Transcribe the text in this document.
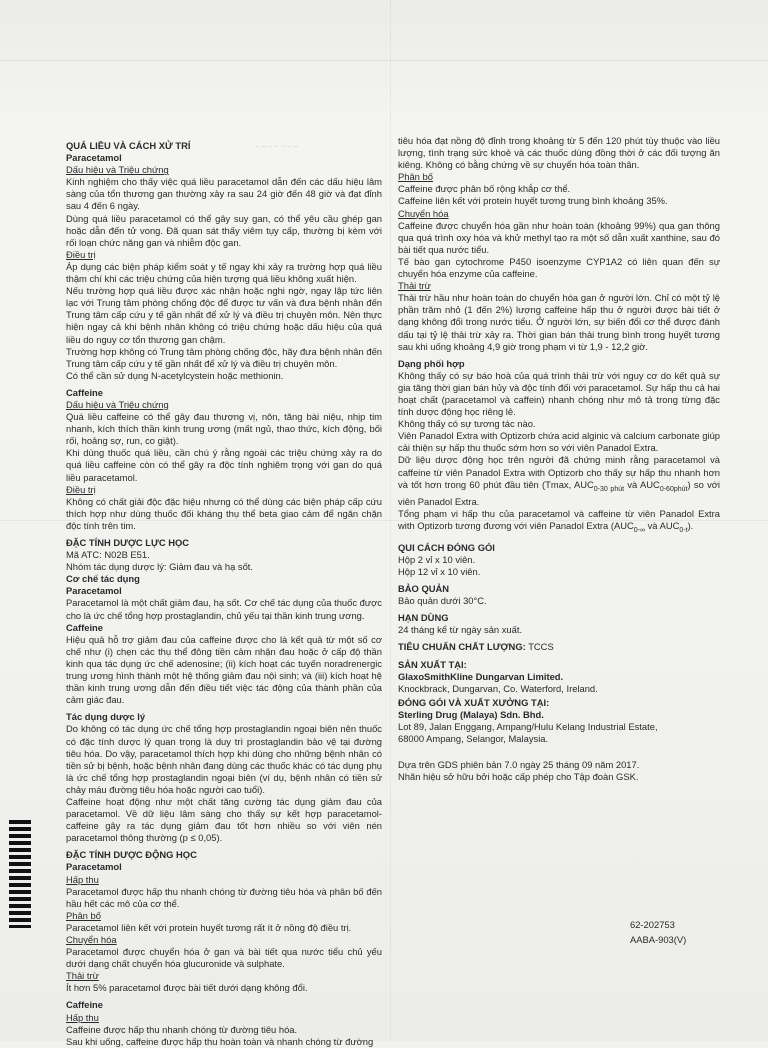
~ ~ ~ ~ ~ ~ ~
QUÁ LIỀU VÀ CÁCH XỬ TRÍ
Paracetamol
Dấu hiệu và Triệu chứng
Kinh nghiệm cho thấy việc quá liều paracetamol dẫn đến các dấu hiệu lâm sàng của tổn thương gan thường xảy ra sau 24 giờ đến 48 giờ và đạt đỉnh sau 4 đến 6 ngày.
Dùng quá liều paracetamol có thể gây suy gan, có thể yêu cầu ghép gan hoặc dẫn đến tử vong. Đã quan sát thấy viêm tụy cấp, thường bị kèm với rối loạn chức năng gan và nhiễm độc gan.
Điều trị
Áp dụng các biện pháp kiểm soát y tế ngay khi xảy ra trường hợp quá liều thậm chí khi các triệu chứng của hiện tượng quá liều không xuất hiện.
Nếu trường hợp quá liều được xác nhận hoặc nghi ngờ, ngay lập tức liên lạc với Trung tâm phòng chống độc để được tư vấn và đưa bệnh nhân đến Trung tâm cấp cứu y tế gần nhất để xử lý và điều trị chuyên môn. Nên thực hiện ngay cả khi bệnh nhân không có triệu chứng hoặc dấu hiệu của quá liều do nguy cơ tổn thương gan chậm.
Trường hợp không có Trung tâm phòng chống độc, hãy đưa bệnh nhân đến Trung tâm cấp cứu y tế gần nhất để xử lý và điều trị chuyên môn.
Có thể cần sử dụng N-acetylcystein hoặc methionin.
Caffeine
Dấu hiệu và Triệu chứng
Quá liều caffeine có thể gây đau thượng vị, nôn, tăng bài niệu, nhịp tim nhanh, kích thích thần kinh trung ương (mất ngủ, thao thức, kích động, bối rối, hoảng sợ, run, co giật).
Khi dùng thuốc quá liều, cần chú ý rằng ngoài các triệu chứng xảy ra do quá liều caffeine còn có thể gây ra độc tính nghiêm trọng với gan do quá liều paracetamol.
Điều trị
Không có chất giải độc đặc hiệu nhưng có thể dùng các biện pháp cấp cứu thích hợp như dùng thuốc đối kháng thụ thể beta giao cảm để ngăn chặn độc tính trên tim.
ĐẶC TÍNH DƯỢC LỰC HỌC
Mã ATC: N02B E51.
Nhóm tác dụng dược lý: Giảm đau và hạ sốt.
Cơ chế tác dụng
Paracetamol
Paracetamol là một chất giảm đau, hạ sốt. Cơ chế tác dụng của thuốc được cho là ức chế tổng hợp prostaglandin, chủ yếu tại thần kinh trung ương.
Caffeine
Hiệu quả hỗ trợ giảm đau của caffeine được cho là kết quả từ một số cơ chế như (i) chẹn các thụ thể đông tiền cảm nhận đau hoặc ở cấp độ thần kinh qua tác dụng ức chế adenosine; (ii) kích hoạt các tuyến noradrenergic trung ương hình thành một hệ thống giảm đau nội sinh; và (iii) kích hoạt hệ thần kinh trung ương dẫn đến điều tiết việc tác động của thành phần của cảm giác đau.
Tác dụng dược lý
Do không có tác dụng ức chế tổng hợp prostaglandin ngoại biên nên thuốc có đặc tính dược lý quan trọng là duy trì prostaglandin bảo vệ tại đường tiêu hóa. Do vậy, paracetamol thích hợp khi dùng cho những bệnh nhân có tiền sử bị bệnh, hoặc bệnh nhân đang dùng các thuốc khác có tác dụng phụ là ức chế tổng hợp prostaglandin ngoại biên (ví dụ, bệnh nhân có tiền sử chảy máu đường tiêu hóa hoặc người cao tuổi).
Caffeine hoạt động như một chất tăng cường tác dụng giảm đau của paracetamol. Về dữ liệu lâm sàng cho thấy sự kết hợp paracetamol-caffeine gây ra tác dụng giảm đau tốt hơn nhiều so với viên nén paracetamol thông thường (p ≤ 0,05).
ĐẶC TÍNH DƯỢC ĐỘNG HỌC
Paracetamol
Hấp thu
Paracetamol được hấp thu nhanh chóng từ đường tiêu hóa và phân bố đến hầu hết các mô của cơ thể.
Phân bố
Paracetamol liên kết với protein huyết tương rất ít ở nồng độ điều trị.
Chuyển hóa
Paracetamol được chuyển hóa ở gan và bài tiết qua nước tiểu chủ yếu dưới dạng chất chuyển hóa glucuronide và sulphate.
Thải trừ
Ít hơn 5% paracetamol được bài tiết dưới dạng không đổi.
Caffeine
Hấp thu
Caffeine được hấp thu nhanh chóng từ đường tiêu hóa.
Sau khi uống, caffeine được hấp thu hoàn toàn và nhanh chóng từ đường
tiêu hóa đạt nồng độ đỉnh trong khoảng từ 5 đến 120 phút tùy thuộc vào liều lượng, tình trạng sức khoẻ và các thuốc dùng đồng thời ở các đối tượng ăn kiêng. Không có bằng chứng về sự chuyển hóa toàn thân.
Phân bố
Caffeine được phân bố rộng khắp cơ thể.
Caffeine liên kết với protein huyết tương trung bình khoảng 35%.
Chuyển hóa
Caffeine được chuyển hóa gần như hoàn toàn (khoảng 99%) qua gan thông qua quá trình oxy hóa và khử methyl tạo ra một số dẫn xuất xanthine, sau đó bài tiết qua nước tiểu.
Tế bào gan cytochrome P450 isoenzyme CYP1A2 có liên quan đến sự chuyển hóa enzyme của caffeine.
Thải trừ
Thải trừ hầu như hoàn toàn do chuyển hóa gan ở người lớn. Chỉ có một tỷ lệ phần trăm nhỏ (1 đến 2%) lượng caffeine hấp thu ở người được bài tiết ở dạng không đổi trong nước tiểu. Ở người lớn, sự biến đổi cơ thể được đánh dấu tại tỷ lệ thải trừ xảy ra. Thời gian bán thải trung bình trong huyết tương sau khi uống khoảng 4,9 giờ trong phạm vi từ 1,9 - 12,2 giờ.
Dạng phối hợp
Không thấy có sự báo hoà của quá trình thải trừ với nguy cơ do kết quả sự gia tăng thời gian bán hủy và độc tính đối với paracetamol. Sự hấp thu cả hai hoạt chất (paracetamol và caffein) nhanh chóng như mô tả trong từng đặc tính dược động học riêng lẻ.
Không thấy có sự tương tác nào.
Viên Panadol Extra with Optizorb chứa acid alginic và calcium carbonate giúp cải thiện sự hấp thu thuốc sớm hơn so với viên Panadol Extra.
Dữ liệu dược động học trên người đã chứng minh rằng paracetamol và caffeine từ viên Panadol Extra with Optizorb cho thấy sự hấp thu nhanh hơn và tốt hơn trong 60 phút đầu tiên (Tmax, $AUC_{0-30 phút}$ và $AUC_{0-60phút}$) so với viên Panadol Extra.
Tổng phạm vi hấp thu của paracetamol và caffeine từ viên Panadol Extra with Optizorb tương đương với viên Panadol Extra ($AUC_{0-\infty}$ và $AUC_{0-t}$).
QUI CÁCH ĐÓNG GÓI
Hộp 2 vỉ x 10 viên.
Hộp 12 vỉ x 10 viên.
BẢO QUẢN
Bảo quản dưới 30°C.
HẠN DÙNG
24 tháng kể từ ngày sản xuất.
TIÊU CHUẨN CHẤT LƯỢNG: TCCS
SẢN XUẤT TẠI:
GlaxoSmithKline Dungarvan Limited.
Knockbrack, Dungarvan, Co. Waterford, Ireland.
ĐÓNG GÓI VÀ XUẤT XƯỞNG TẠI:
Sterling Drug (Malaya) Sdn. Bhd.
Lot 89, Jalan Enggang, Ampang/Hulu Kelang Industrial Estate,
68000 Ampang, Selangor, Malaysia.
Dựa trên GDS phiên bản 7.0 ngày 25 tháng 09 năm 2017.
Nhãn hiệu sở hữu bởi hoặc cấp phép cho Tập đoàn GSK.
62-202753
AABA-903(V)
